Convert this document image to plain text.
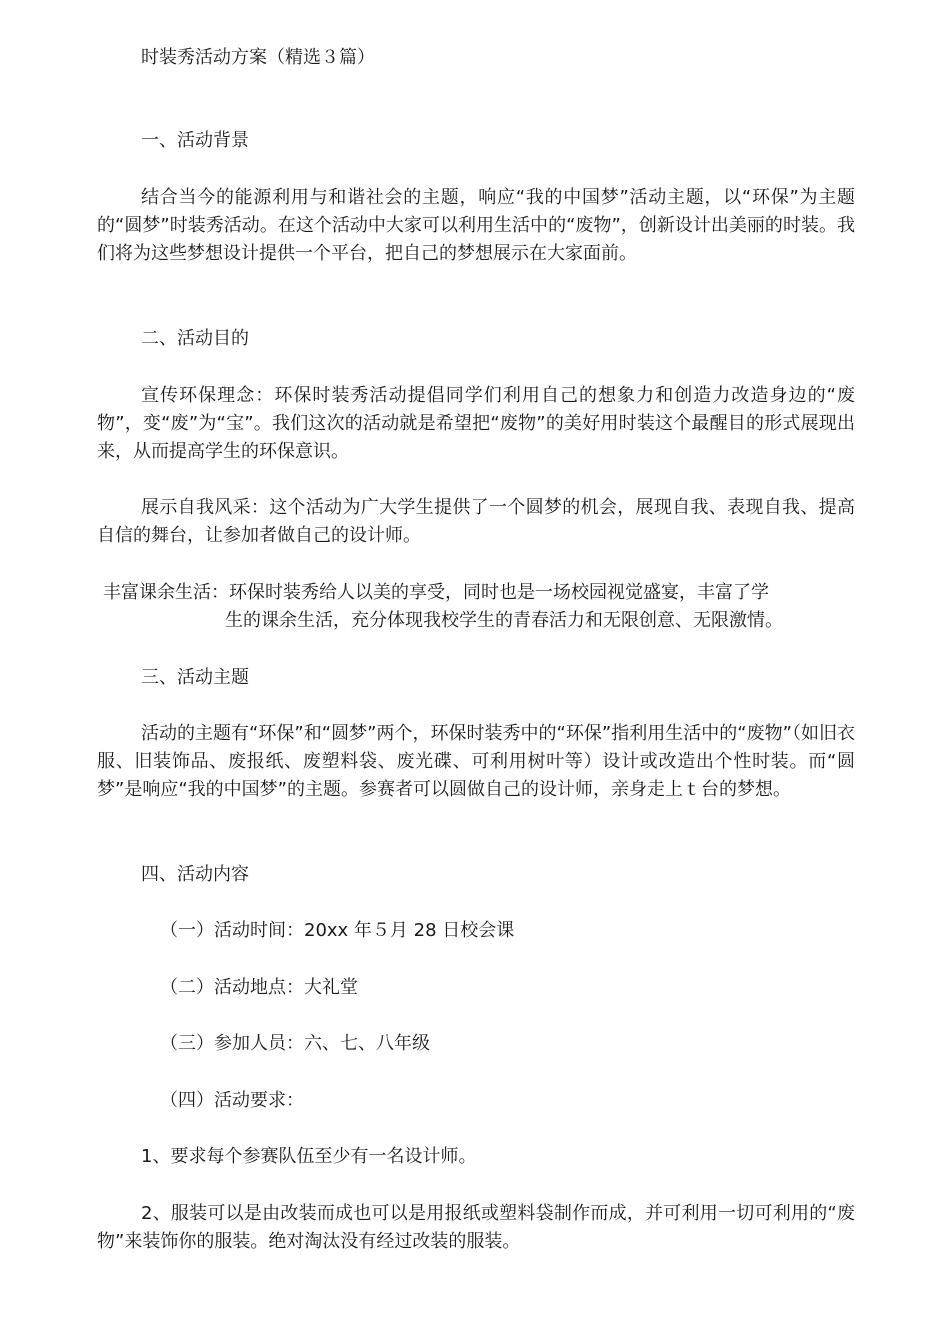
时装秀活动方案（精选３篇）

一、活动背景

结合当今的能源利用与和谐社会的主题，响应“我的中国梦”活动主题，以“环保”为主题的“圆梦”时装秀活动。在这个活动中大家可以利用生活中的“废物”，创新设计出美丽的时装。我们将为这些梦想设计提供一个平台，把自己的梦想展示在大家面前。

二、活动目的

宣传环保理念：环保时装秀活动提倡同学们利用自己的想象力和创造力改造身边的“废物”，变“废”为“宝”。我们这次的活动就是希望把“废物”的美好用时装这个最醒目的形式展现出来，从而提高学生的环保意识。

展示自我风采：这个活动为广大学生提供了一个圆梦的机会，展现自我、表现自我、提高自信的舞台，让参加者做自己的设计师。

丰富课余生活：环保时装秀给人以美的享受，同时也是一场校园视觉盛宴，丰富了学

生的课余生活，充分体现我校学生的青春活力和无限创意、无限激情。

三、活动主题

活动的主题有“环保”和“圆梦”两个，环保时装秀中的“环保”指利用生活中的“废物”（如旧衣服、旧装饰品、废报纸、废塑料袋、废光碟、可利用树叶等）设计或改造出个性时装。而“圆梦”是响应“我的中国梦”的主题。参赛者可以圆做自己的设计师，亲身走上ｔ台的梦想。

四、活动内容

（一）活动时间：20xx 年５月 28 日校会课

（二）活动地点：大礼堂

（三）参加人员：六、七、八年级

（四）活动要求：

1、要求每个参赛队伍至少有一名设计师。

2、服装可以是由改装而成也可以是用报纸或塑料袋制作而成，并可利用一切可利用的“废物”来装饰你的服装。绝对淘汰没有经过改装的服装。
